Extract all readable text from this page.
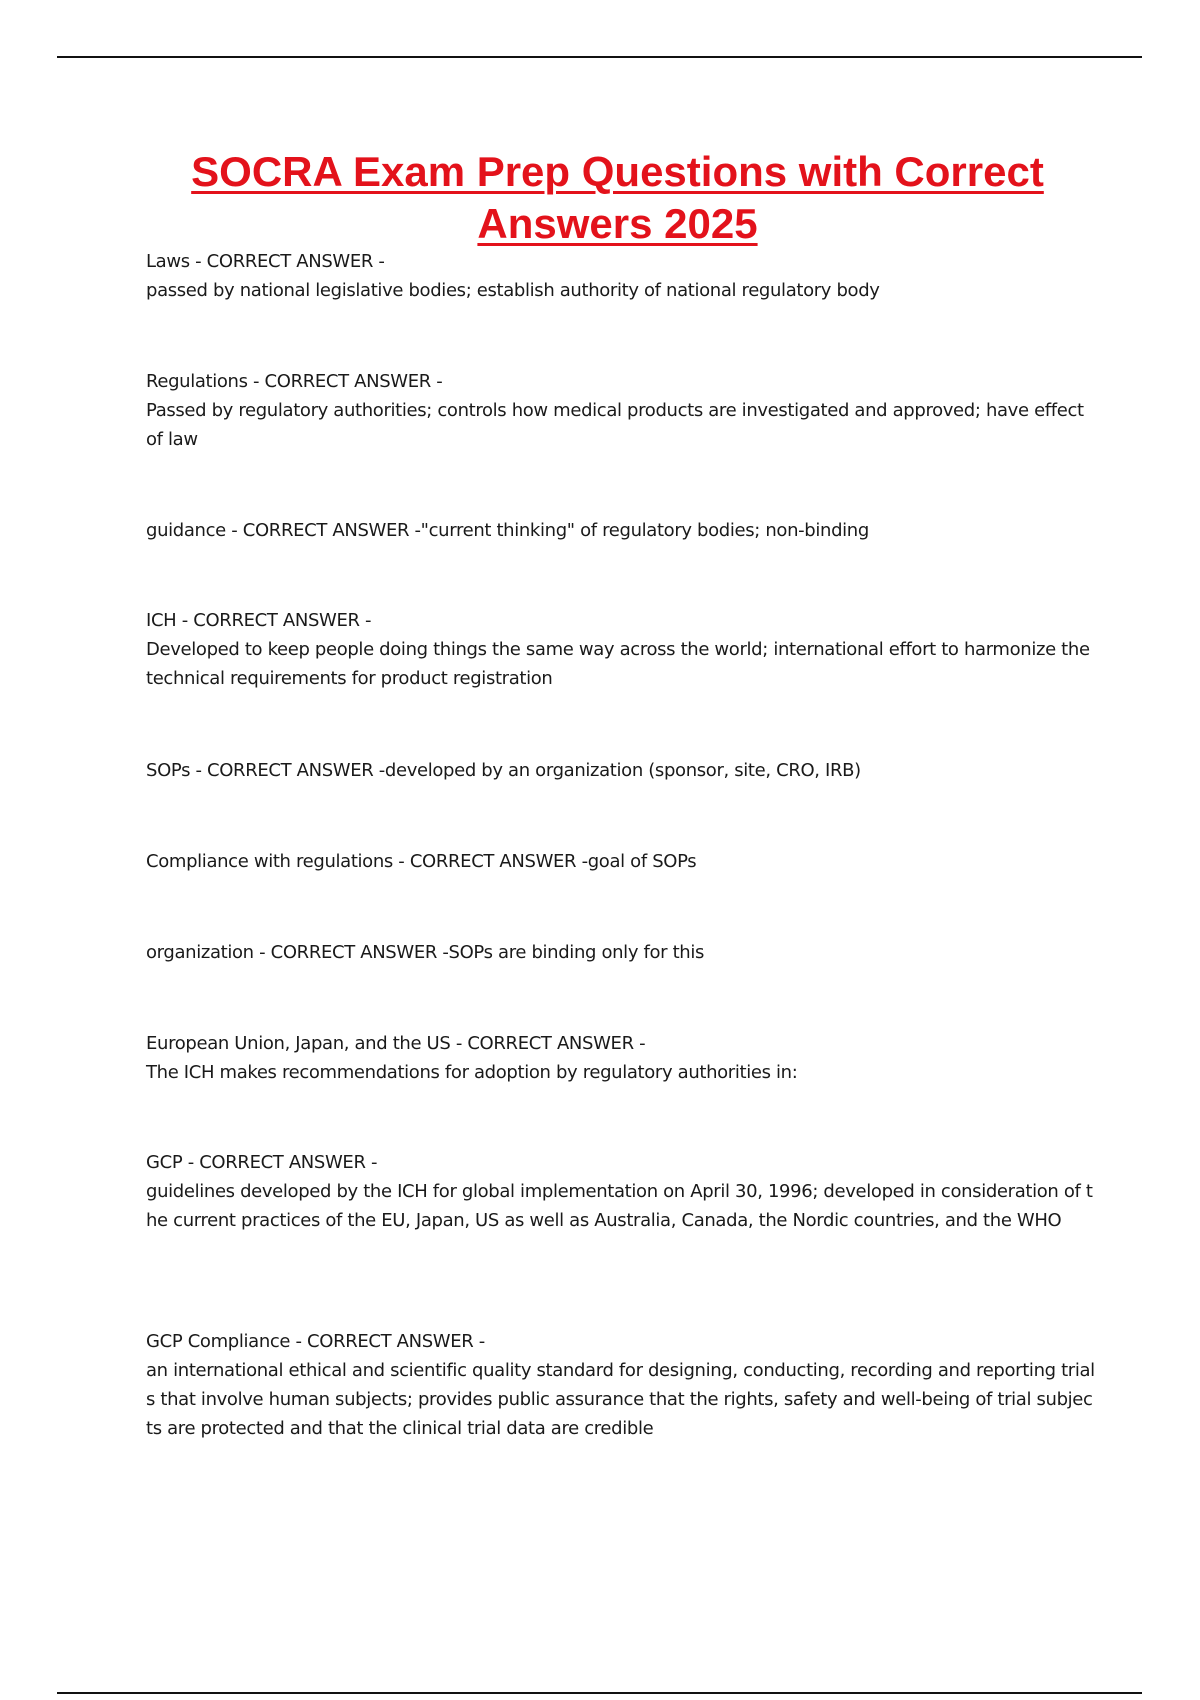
SOCRA Exam Prep Questions with Correct Answers 2025
Laws - CORRECT ANSWER -
passed by national legislative bodies; establish authority of national regulatory body
Regulations - CORRECT ANSWER -
Passed by regulatory authorities; controls how medical products are investigated and approved; have effect of law
guidance - CORRECT ANSWER -"current thinking" of regulatory bodies; non-binding
ICH - CORRECT ANSWER -
Developed to keep people doing things the same way across the world; international effort to harmonize the technical requirements for product registration
SOPs - CORRECT ANSWER -developed by an organization (sponsor, site, CRO, IRB)
Compliance with regulations - CORRECT ANSWER -goal of SOPs
organization - CORRECT ANSWER -SOPs are binding only for this
European Union, Japan, and the US - CORRECT ANSWER -
The ICH makes recommendations for adoption by regulatory authorities in:
GCP - CORRECT ANSWER -
guidelines developed by the ICH for global implementation on April 30, 1996; developed in consideration of the current practices of the EU, Japan, US as well as Australia, Canada, the Nordic countries, and the WHO
GCP Compliance - CORRECT ANSWER -
an international ethical and scientific quality standard for designing, conducting, recording and reporting trials that involve human subjects; provides public assurance that the rights, safety and well-being of trial subjects are protected and that the clinical trial data are credible
